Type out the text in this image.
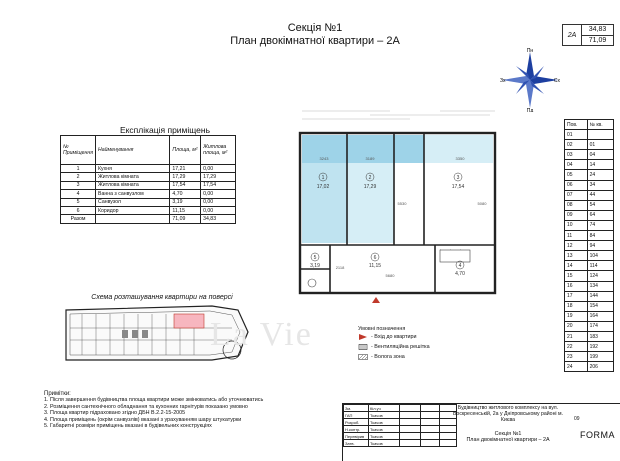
Секція №1
План двокімнатної квартири – 2А	2А
34,83
71,09
Експлікація приміщень
№ Приміщення	Найменування	Площа, м²	Житлова площа, м²
1	Кухня	17,21	0,00
2	Житлова кімната	17,29	17,29
3	Житлова кімната	17,54	17,54
4	Ванна з санвузлом	4,70	0,00
5	Санвузол	3,19	0,00
6	Коридор	11,15	0,00
Разом		71,09	34,83
Схема розташування квартири на поверсі
La Vie
Примітки:
1. Після завершення будівництва площа квартири може змінюватись або уточнюватись
2. Розміщення сантехнічного обладнання та кухонних гарнітурів показано умовно
3. Площа квартир підраховано згідно ДБН В.2.2-15-2005
4. Площа приміщень (окрім санвузлів) вказані з урахуванням шару штукатурки
5. Габаритні розміри приміщень вказані в будівельних конструкціях
Пн
Пд
Сх
Зх
1
17,02
2
17,29
3
17,54
4
4,70
5
3,19
6
11,15
3243	3189	3350
5680
5080
5530
2118
Пов.	№ кв.
01	
02	01
03	04
04	14
05	24
06	34
07	44
08	54
09	64
10	74
11	84
12	94
13	104
14	114
15	124
16	134
17	144
18	154
19	164
20	174
21	183
22	192
23	199
24	206
Умовні позначення
- Вхід до квартири
- Вентиляційна решітка
- Волога зона
Зм.	Кіл.уч			
ГАП	Ткачов			
Розроб.	Ткачов			
Н.контр.	Ткачов			
Перевірив	Ткачов			
Затв.	Ткачов			
Будівництво житлового комплексу на вул. Воскресенській, 2а у Дніпровському районі м. Києва
Секція №1
План двокімнатної квартири – 2А
09
FORMA
